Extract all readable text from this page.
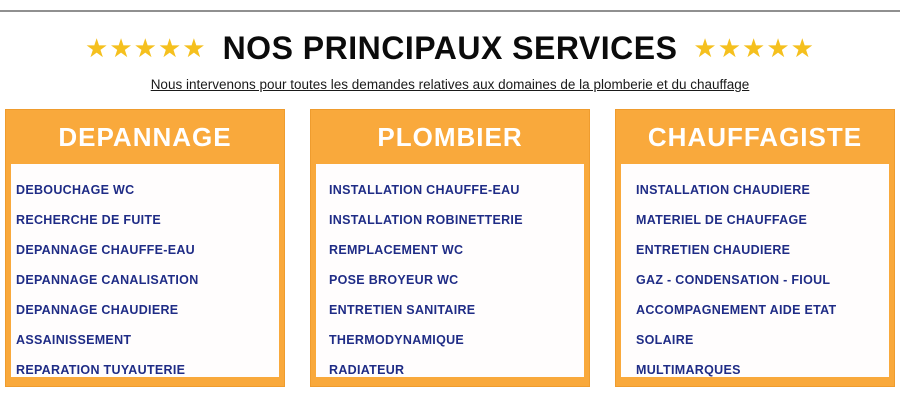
★★★★★ NOS PRINCIPAUX SERVICES ★★★★★

Nous intervenons pour toutes les demandes relatives aux domaines de la plomberie et du chauffage

DEPANNAGE
DEBOUCHAGE WC
RECHERCHE DE FUITE
DEPANNAGE CHAUFFE-EAU
DEPANNAGE CANALISATION
DEPANNAGE CHAUDIERE
ASSAINISSEMENT
REPARATION TUYAUTERIE
PLOMBIER
INSTALLATION CHAUFFE-EAU
INSTALLATION ROBINETTERIE
REMPLACEMENT WC
POSE BROYEUR WC
ENTRETIEN SANITAIRE
THERMODYNAMIQUE
RADIATEUR
CHAUFFAGISTE
INSTALLATION CHAUDIERE
MATERIEL DE CHAUFFAGE
ENTRETIEN CHAUDIERE
GAZ - CONDENSATION - FIOUL
ACCOMPAGNEMENT AIDE ETAT
SOLAIRE
MULTIMARQUES
